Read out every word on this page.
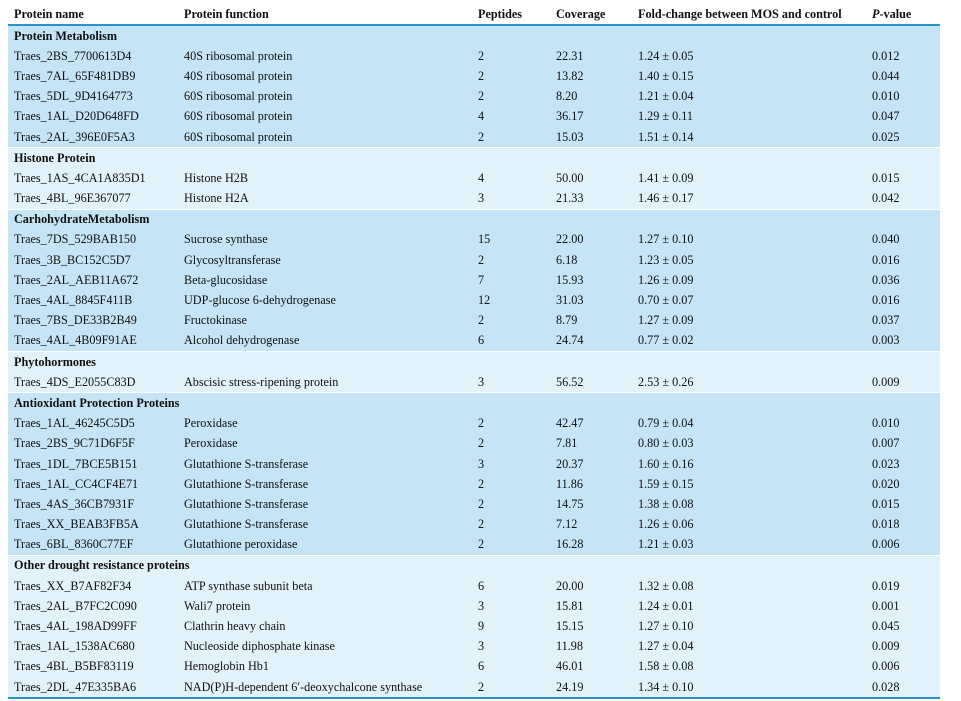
Protein name	Protein function	Peptides	Coverage	Fold-change between MOS and control	P-value
Protein Metabolism					
Traes_2BS_7700613D4	40S ribosomal protein	2	22.31	1.24 ± 0.05	0.012
Traes_7AL_65F481DB9	40S ribosomal protein	2	13.82	1.40 ± 0.15	0.044
Traes_5DL_9D4164773	60S ribosomal protein	2	8.20	1.21 ± 0.04	0.010
Traes_1AL_D20D648FD	60S ribosomal protein	4	36.17	1.29 ± 0.11	0.047
Traes_2AL_396E0F5A3	60S ribosomal protein	2	15.03	1.51 ± 0.14	0.025
Histone Protein					
Traes_1AS_4CA1A835D1	Histone H2B	4	50.00	1.41 ± 0.09	0.015
Traes_4BL_96E367077	Histone H2A	3	21.33	1.46 ± 0.17	0.042
CarhohydrateMetabolism					
Traes_7DS_529BAB150	Sucrose synthase	15	22.00	1.27 ± 0.10	0.040
Traes_3B_BC152C5D7	Glycosyltransferase	2	6.18	1.23 ± 0.05	0.016
Traes_2AL_AEB11A672	Beta-glucosidase	7	15.93	1.26 ± 0.09	0.036
Traes_4AL_8845F411B	UDP-glucose 6-dehydrogenase	12	31.03	0.70 ± 0.07	0.016
Traes_7BS_DE33B2B49	Fructokinase	2	8.79	1.27 ± 0.09	0.037
Traes_4AL_4B09F91AE	Alcohol dehydrogenase	6	24.74	0.77 ± 0.02	0.003
Phytohormones					
Traes_4DS_E2055C83D	Abscisic stress-ripening protein	3	56.52	2.53 ± 0.26	0.009
Antioxidant Protection Proteins					
Traes_1AL_46245C5D5	Peroxidase	2	42.47	0.79 ± 0.04	0.010
Traes_2BS_9C71D6F5F	Peroxidase	2	7.81	0.80 ± 0.03	0.007
Traes_1DL_7BCE5B151	Glutathione S-transferase	3	20.37	1.60 ± 0.16	0.023
Traes_1AL_CC4CF4E71	Glutathione S-transferase	2	11.86	1.59 ± 0.15	0.020
Traes_4AS_36CB7931F	Glutathione S-transferase	2	14.75	1.38 ± 0.08	0.015
Traes_XX_BEAB3FB5A	Glutathione S-transferase	2	7.12	1.26 ± 0.06	0.018
Traes_6BL_8360C77EF	Glutathione peroxidase	2	16.28	1.21 ± 0.03	0.006
Other drought resistance proteins					
Traes_XX_B7AF82F34	ATP synthase subunit beta	6	20.00	1.32 ± 0.08	0.019
Traes_2AL_B7FC2C090	Wali7 protein	3	15.81	1.24 ± 0.01	0.001
Traes_4AL_198AD99FF	Clathrin heavy chain	9	15.15	1.27 ± 0.10	0.045
Traes_1AL_1538AC680	Nucleoside diphosphate kinase	3	11.98	1.27 ± 0.04	0.009
Traes_4BL_B5BF83119	Hemoglobin Hb1	6	46.01	1.58 ± 0.08	0.006
Traes_2DL_47E335BA6	NAD(P)H-dependent 6′-deoxychalcone synthase	2	24.19	1.34 ± 0.10	0.028
